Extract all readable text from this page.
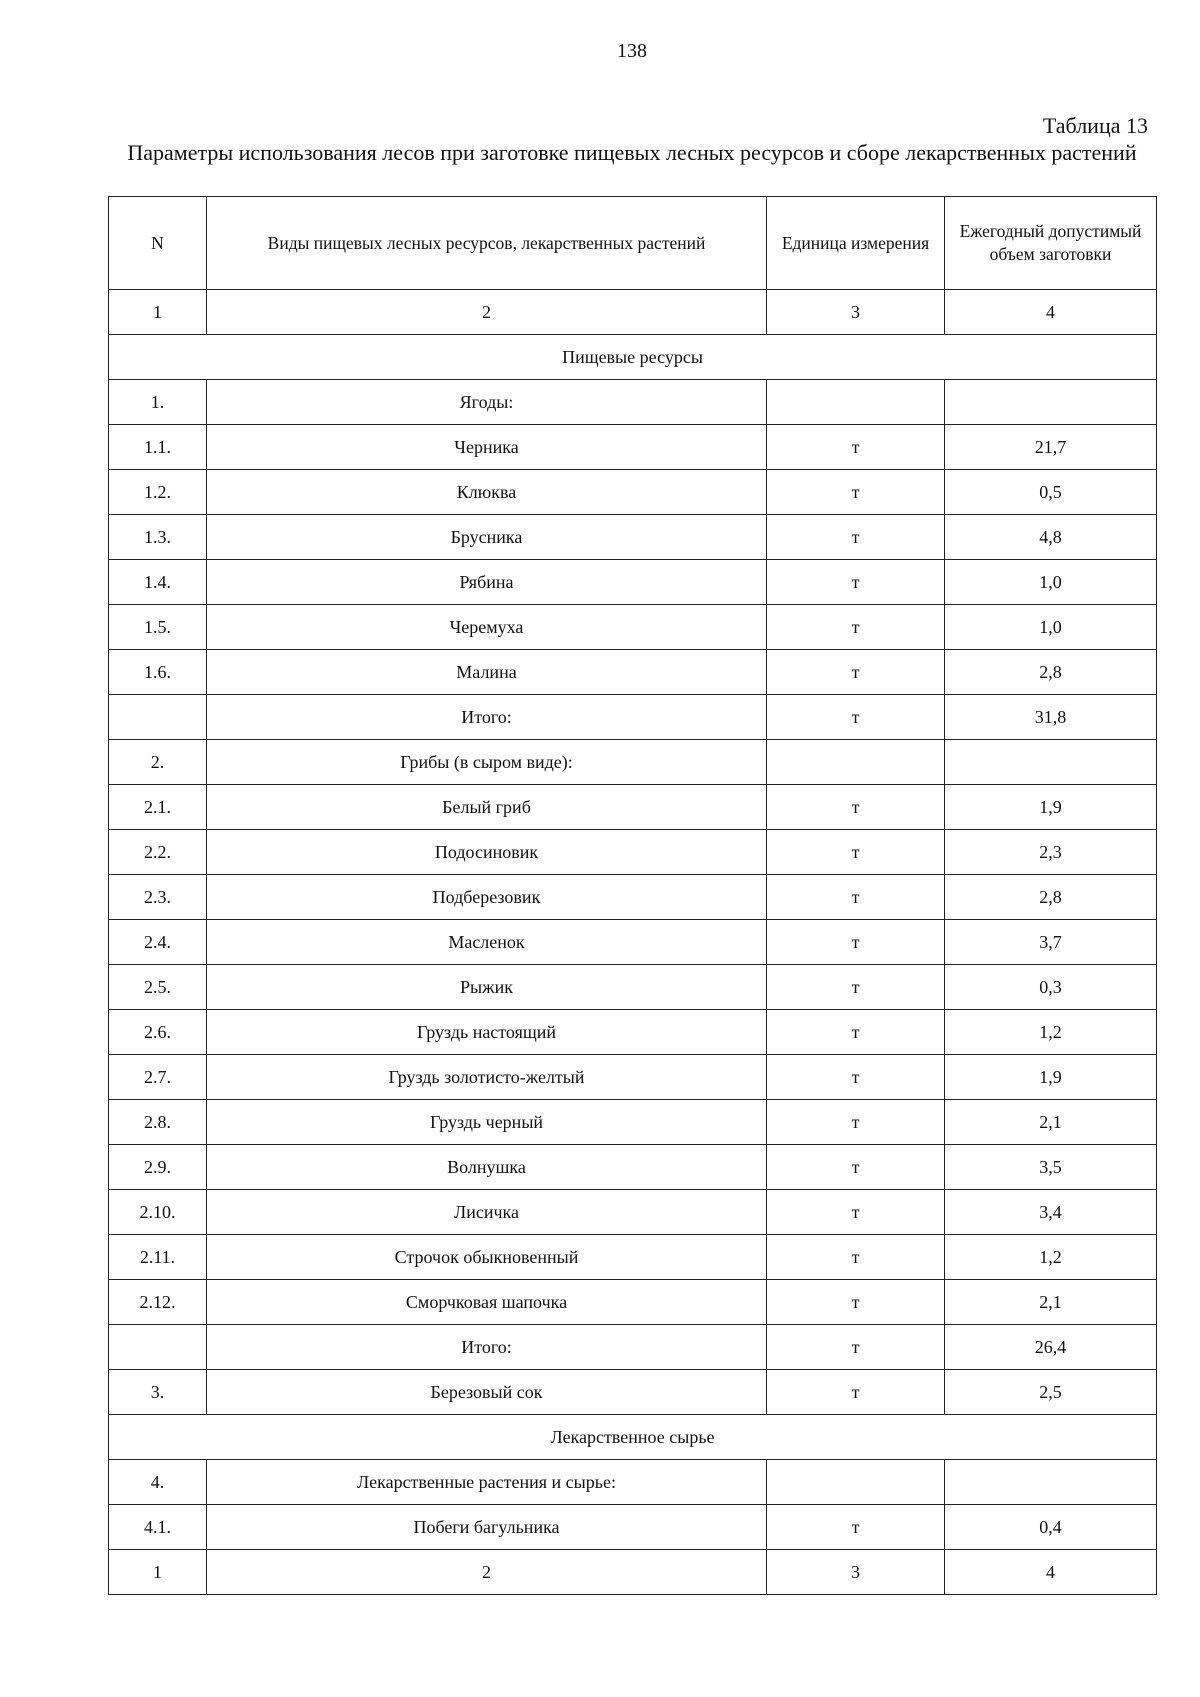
138
Таблица 13
Параметры использования лесов при заготовке пищевых лесных ресурсов и сборе лекарственных растений
N	Виды пищевых лесных ресурсов, лекарственных растений	Единица измерения	Ежегодный допустимый объем заготовки
1	2	3	4
Пищевые ресурсы			
1.	Ягоды:		
1.1.	Черника	т	21,7
1.2.	Клюква	т	0,5
1.3.	Брусника	т	4,8
1.4.	Рябина	т	1,0
1.5.	Черемуха	т	1,0
1.6.	Малина	т	2,8
	Итого:	т	31,8
2.	Грибы (в сыром виде):		
2.1.	Белый гриб	т	1,9
2.2.	Подосиновик	т	2,3
2.3.	Подберезовик	т	2,8
2.4.	Масленок	т	3,7
2.5.	Рыжик	т	0,3
2.6.	Груздь настоящий	т	1,2
2.7.	Груздь золотисто-желтый	т	1,9
2.8.	Груздь черный	т	2,1
2.9.	Волнушка	т	3,5
2.10.	Лисичка	т	3,4
2.11.	Строчок обыкновенный	т	1,2
2.12.	Сморчковая шапочка	т	2,1
	Итого:	т	26,4
3.	Березовый сок	т	2,5
Лекарственное сырье			
4.	Лекарственные растения и сырье:		
4.1.	Побеги багульника	т	0,4
1	2	3	4
